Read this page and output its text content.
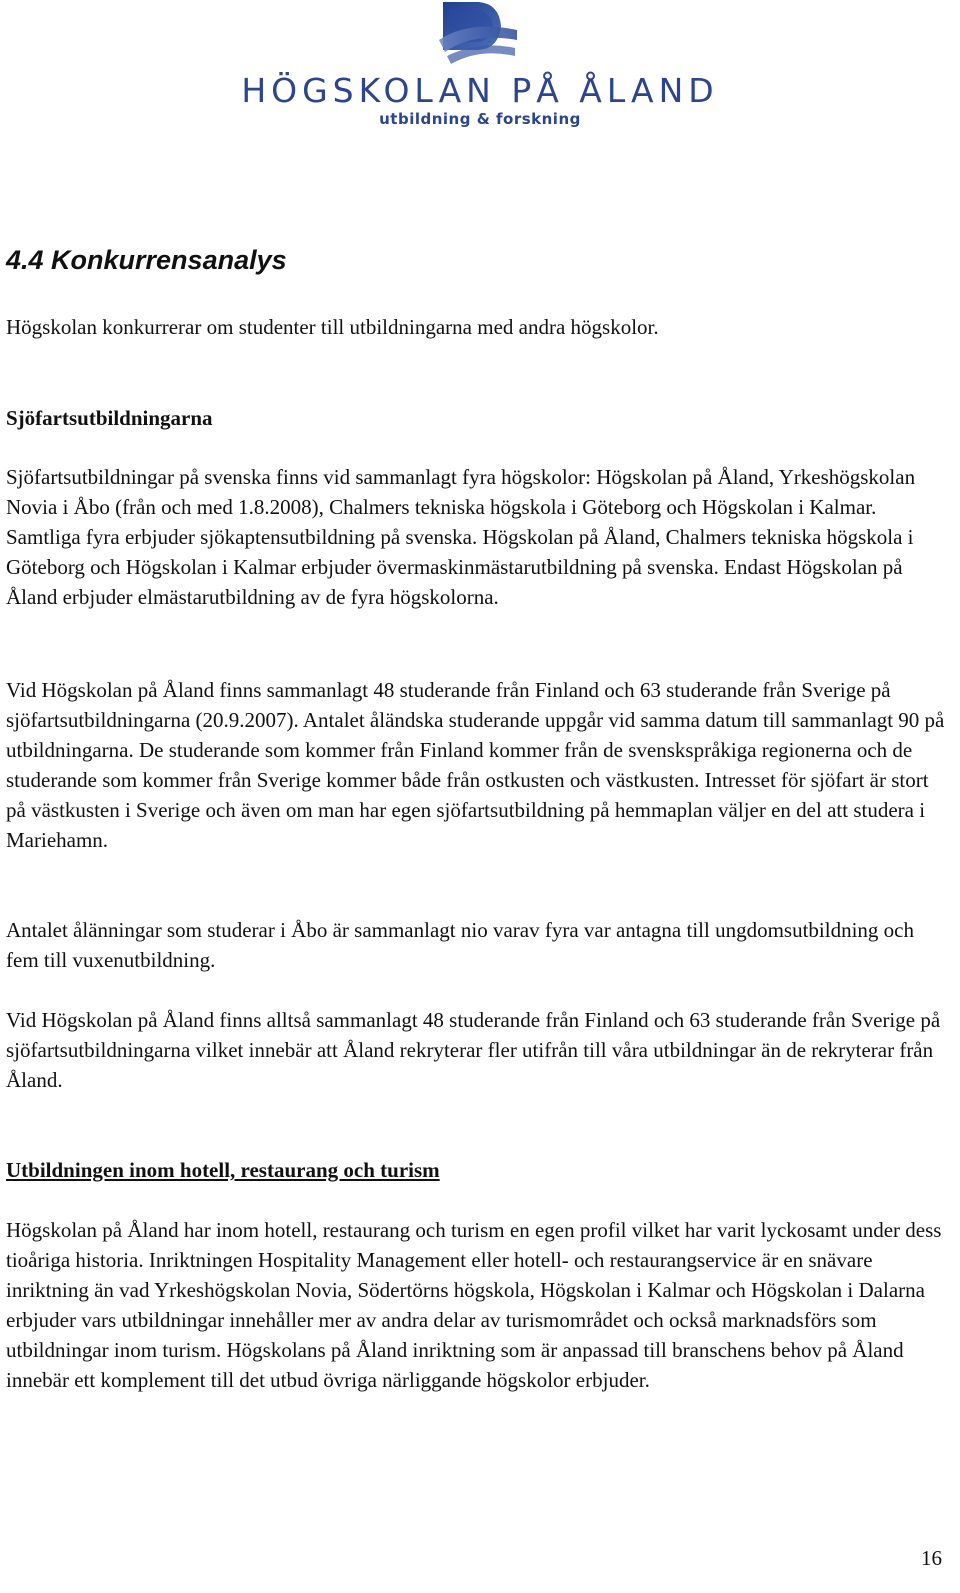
HÖGSKOLAN PÅ ÅLAND
utbildning & forskning
4.4 Konkurrensanalys

Högskolan konkurrerar om studenter till utbildningarna med andra högskolor.

Sjöfartsutbildningarna

Sjöfartsutbildningar på svenska finns vid sammanlagt fyra högskolor: Högskolan på Åland, Yrkeshögskolan Novia i Åbo (från och med 1.8.2008), Chalmers tekniska högskola i Göteborg och Högskolan i Kalmar. Samtliga fyra erbjuder sjökaptensutbildning på svenska. Högskolan på Åland, Chalmers tekniska högskola i Göteborg och Högskolan i Kalmar erbjuder övermaskinmästarutbildning på svenska. Endast Högskolan på Åland erbjuder elmästarutbildning av de fyra högskolorna.

Vid Högskolan på Åland finns sammanlagt 48 studerande från Finland och 63 studerande från Sverige på sjöfartsutbildningarna (20.9.2007). Antalet åländska studerande uppgår vid samma datum till sammanlagt 90 på utbildningarna. De studerande som kommer från Finland kommer från de svenskspråkiga regionerna och de studerande som kommer från Sverige kommer både från ostkusten och västkusten. Intresset för sjöfart är stort på västkusten i Sverige och även om man har egen sjöfartsutbildning på hemmaplan väljer en del att studera i Mariehamn.

Antalet ålänningar som studerar i Åbo är sammanlagt nio varav fyra var antagna till ungdomsutbildning och fem till vuxenutbildning.

Vid Högskolan på Åland finns alltså sammanlagt 48 studerande från Finland och 63 studerande från Sverige på sjöfartsutbildningarna vilket innebär att Åland rekryterar fler utifrån till våra utbildningar än de rekryterar från Åland.

Utbildningen inom hotell, restaurang och turism

Högskolan på Åland har inom hotell, restaurang och turism en egen profil vilket har varit lyckosamt under dess tioåriga historia. Inriktningen Hospitality Management eller hotell- och restaurangservice är en snävare inriktning än vad Yrkeshögskolan Novia, Södertörns högskola, Högskolan i Kalmar och Högskolan i Dalarna erbjuder vars utbildningar innehåller mer av andra delar av turismområdet och också marknadsförs som utbildningar inom turism. Högskolans på Åland inriktning som är anpassad till branschens behov på Åland innebär ett komplement till det utbud övriga närliggande högskolor erbjuder.

16
